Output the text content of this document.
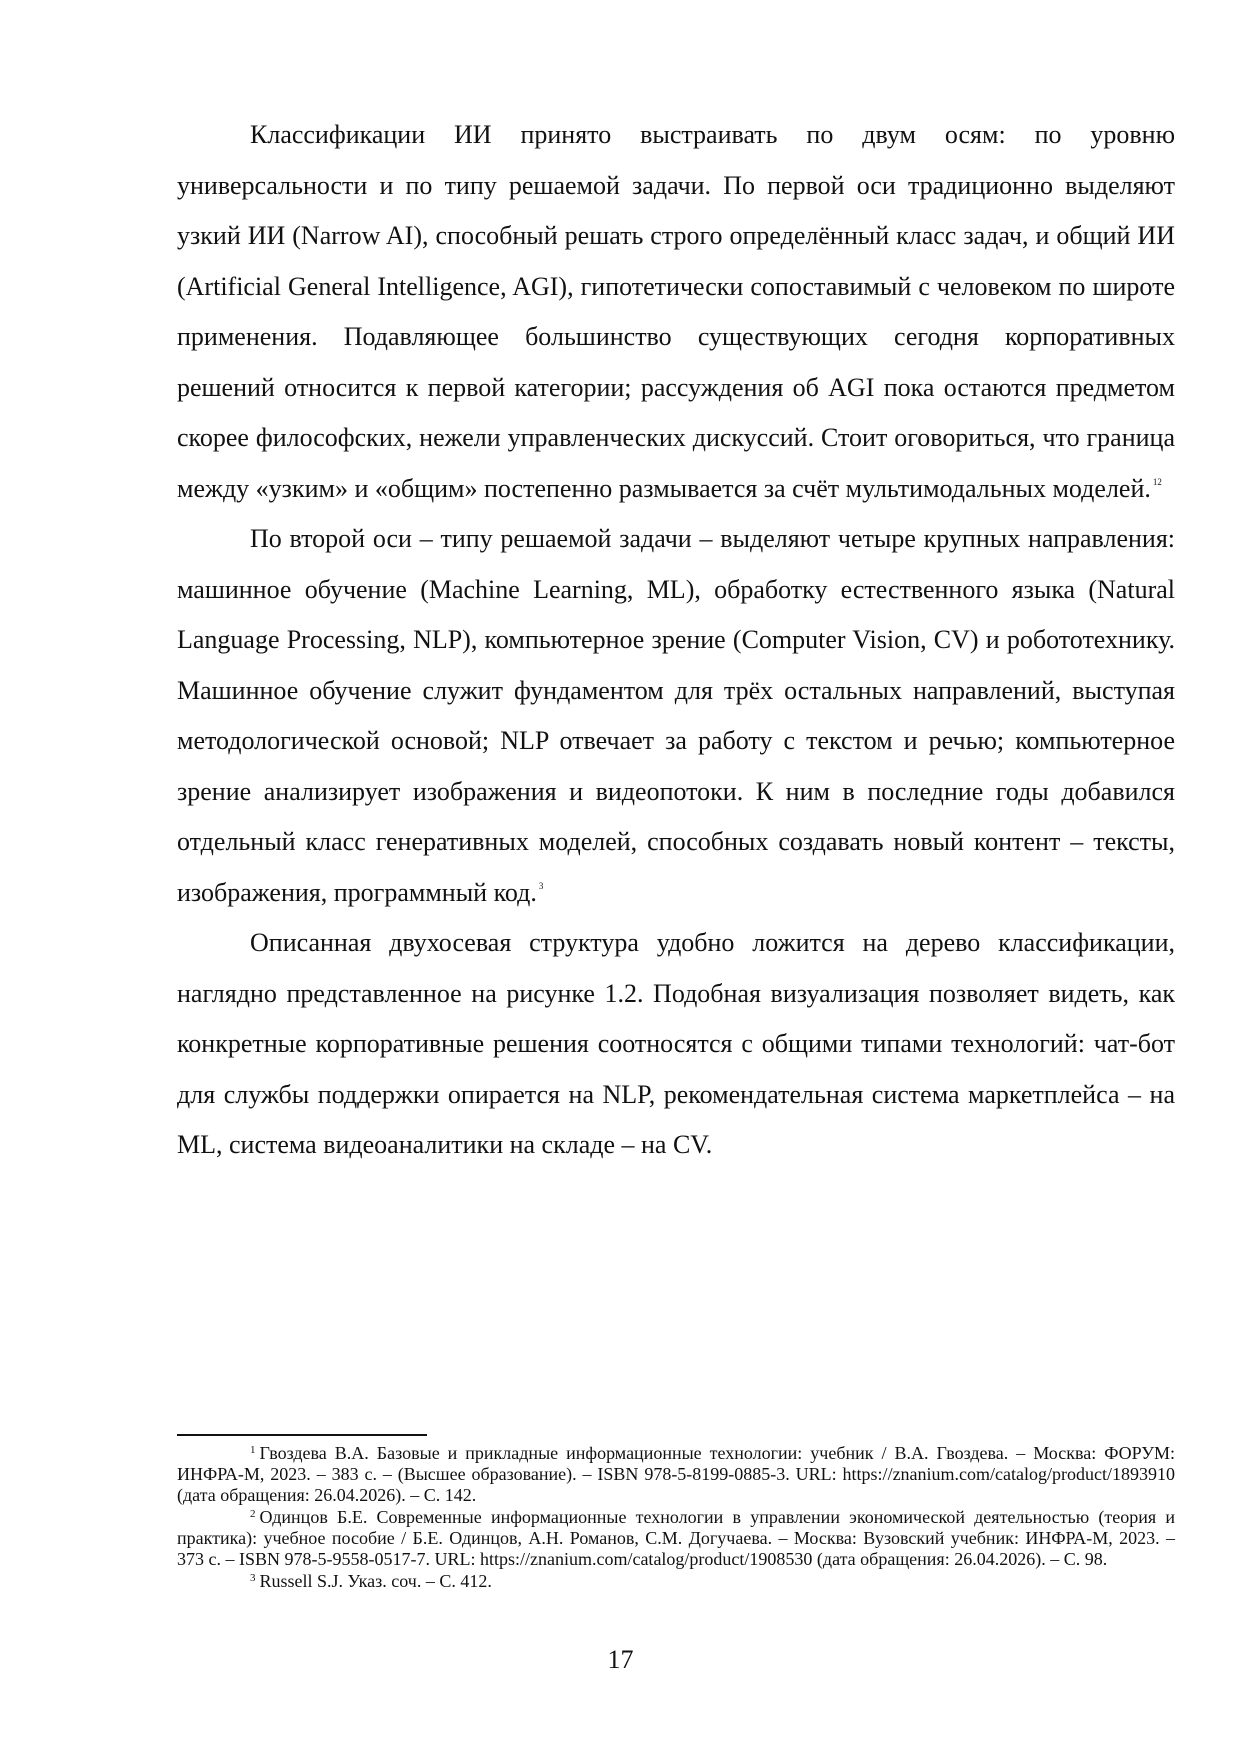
Классификации ИИ принято выстраивать по двум осям: по уровню универсальности и по типу решаемой задачи. По первой оси традиционно выделяют узкий ИИ (Narrow AI), способный решать строго определённый класс задач, и общий ИИ (Artificial General Intelligence, AGI), гипотетически сопоставимый с человеком по широте применения. Подавляющее большинство существующих сегодня корпоративных решений относится к первой категории; рассуждения об AGI пока остаются предметом скорее философских, нежели управленческих дискуссий. Стоит оговориться, что граница между «узким» и «общим» постепенно размывается за счёт мультимодальных моделей. $^{12}$

По второй оси – типу решаемой задачи – выделяют четыре крупных направления: машинное обучение (Machine Learning, ML), обработку естественного языка (Natural Language Processing, NLP), компьютерное зрение (Computer Vision, CV) и робототехнику. Машинное обучение служит фундаментом для трёх остальных направлений, выступая методологической основой; NLP отвечает за работу с текстом и речью; компьютерное зрение анализирует изображения и видеопотоки. К ним в последние годы добавился отдельный класс генеративных моделей, способных создавать новый контент – тексты, изображения, программный код. $^3$

Описанная двухосевая структура удобно ложится на дерево классификации, наглядно представленное на рисунке 1.2. Подобная визуализация позволяет видеть, как конкретные корпоративные решения соотносятся с общими типами технологий: чат-бот для службы поддержки опирается на NLP, рекомендательная система маркетплейса – на ML, система видеоаналитики на складе – на CV.

$^1$ Гвоздева В.А. Базовые и прикладные информационные технологии: учебник / В.А. Гвоздева. – Москва: ФОРУМ: ИНФРА-М, 2023. – 383 с. – (Высшее образование). – ISBN 978-5-8199-0885-3. URL: https://znanium.com/catalog/product/1893910 (дата обращения: 26.04.2026). – С. 142.

$^2$ Одинцов Б.Е. Современные информационные технологии в управлении экономической деятельностью (теория и практика): учебное пособие / Б.Е. Одинцов, А.Н. Романов, С.М. Догучаева. – Москва: Вузовский учебник: ИНФРА-М, 2023. – 373 с. – ISBN 978-5-9558-0517-7. URL: https://znanium.com/catalog/product/1908530 (дата обращения: 26.04.2026). – С. 98.

$^3$ Russell S.J. Указ. соч. – С. 412.

17
